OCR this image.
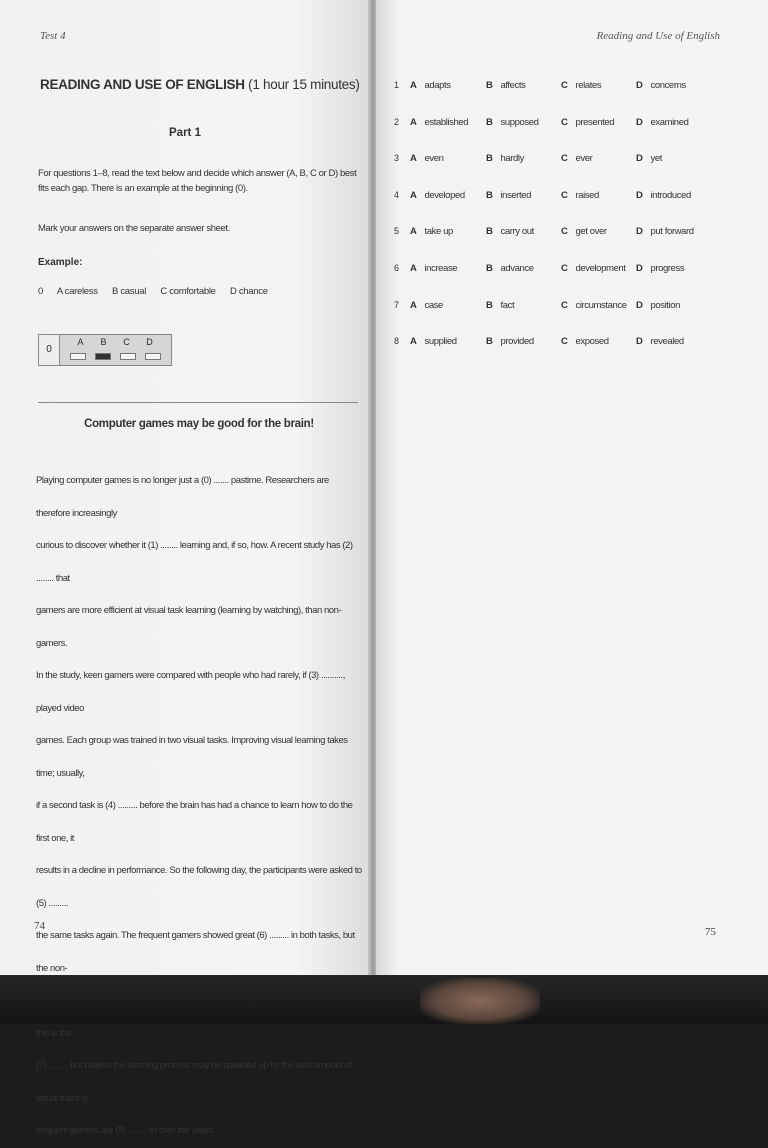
Test 4
READING AND USE OF ENGLISH (1 hour 15 minutes)
Part 1
For questions 1–8, read the text below and decide which answer (A, B, C or D) best fits each gap. There is an example at the beginning (0).
Mark your answers on the separate answer sheet.
Example:
0 A careless B casual C comfortable D chance
0
A B C D
Computer games may be good for the brain!

Playing computer games is no longer just a (0) ....... pastime. Researchers are therefore increasingly

curious to discover whether it (1) ........ learning and, if so, how. A recent study has (2) ........ that

gamers are more efficient at visual task learning (learning by watching), than non-gamers.

In the study, keen gamers were compared with people who had rarely, if (3) .........., played video

games. Each group was trained in two visual tasks. Improving visual learning takes time; usually,

if a second task is (4) ......... before the brain has had a chance to learn how to do the first one, it

results in a decline in performance. So the following day, the participants were asked to (5) .........

the same tasks again. The frequent gamers showed great (6) ......... in both tasks, but the non-

this is the

(7) ......... but believe the learning process may be speeded up by the vast amount of visual training

frequent gamers are (8) ......... to over the years.

74
Reading and Use of English
75
1	A adapts	B affects	C relates	D concerns
2	A established B supposed C presented D examined
3	A even	B hardly	C ever	D yet
4	A developed B inserted	C raised	D introduced
5	A take up	B carry out	C get over	D put forward
6	A increase	B advance	C development D progress
7	A case	B fact	C circumstance D position
8	A supplied	B provided	C exposed	D revealed
